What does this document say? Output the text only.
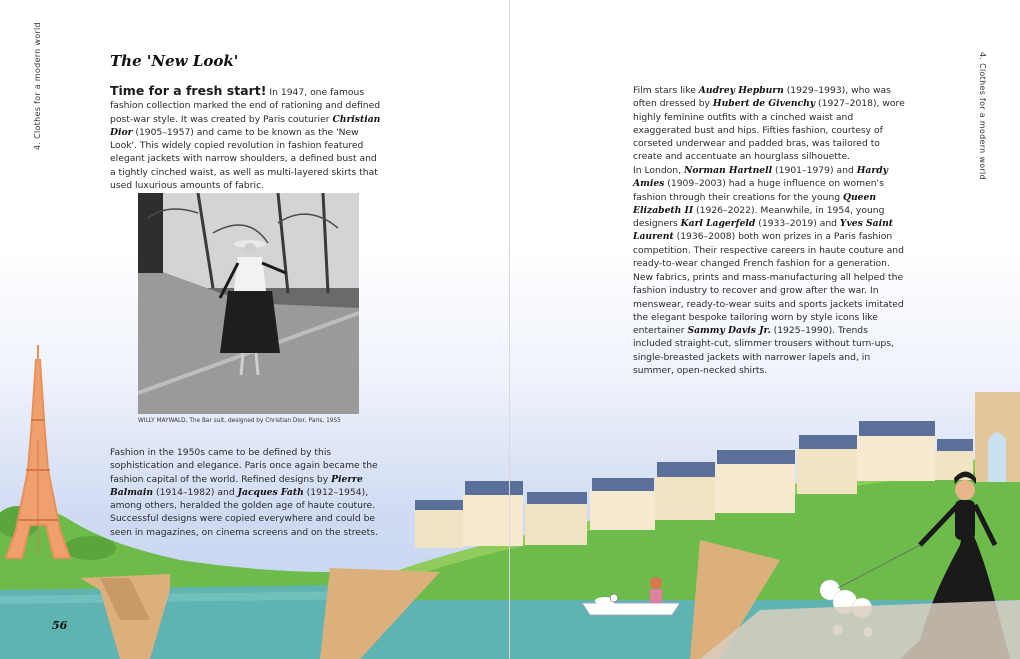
4. Clothes for a modern world	4. Clothes for a modern world
The 'New Look'

Time for a fresh start! In 1947, one famous fashion collection marked the end of rationing and defined post-war style. It was created by Paris couturier Christian Dior (1905–1957) and came to be known as the 'New Look'. This widely copied revolution in fashion featured elegant jackets with narrow shoulders, a defined bust and a tightly cinched waist, as well as multi-layered skirts that used luxurious amounts of fabric.

WILLY MAYWALD, The Bar suit, designed by Christian Dior, Paris, 1955

Fashion in the 1950s came to be defined by this sophistication and elegance. Paris once again became the fashion capital of the world. Refined designs by Pierre Balmain (1914–1982) and Jacques Fath (1912–1954), among others, heralded the golden age of haute couture. Successful designs were copied everywhere and could be seen in magazines, on cinema screens and on the streets.

56

Film stars like Audrey Hepburn (1929–1993), who was often dressed by Hubert de Givenchy (1927–2018), wore highly feminine outfits with a cinched waist and exaggerated bust and hips. Fifties fashion, courtesy of corseted underwear and padded bras, was tailored to create and accentuate an hourglass silhouette.

In London, Norman Hartnell (1901–1979) and Hardy Amies (1909–2003) had a huge influence on women's fashion through their creations for the young Queen Elizabeth II (1926–2022). Meanwhile, in 1954, young designers Karl Lagerfeld (1933–2019) and Yves Saint Laurent (1936–2008) both won prizes in a Paris fashion competition. Their respective careers in haute couture and ready-to-wear changed French fashion for a generation.

New fabrics, prints and mass-manufacturing all helped the fashion industry to recover and grow after the war. In menswear, ready-to-wear suits and sports jackets imitated the elegant bespoke tailoring worn by style icons like entertainer Sammy Davis Jr. (1925–1990). Trends included straight-cut, slimmer trousers without turn-ups, single-breasted jackets with narrower lapels and, in summer, open-necked shirts.
